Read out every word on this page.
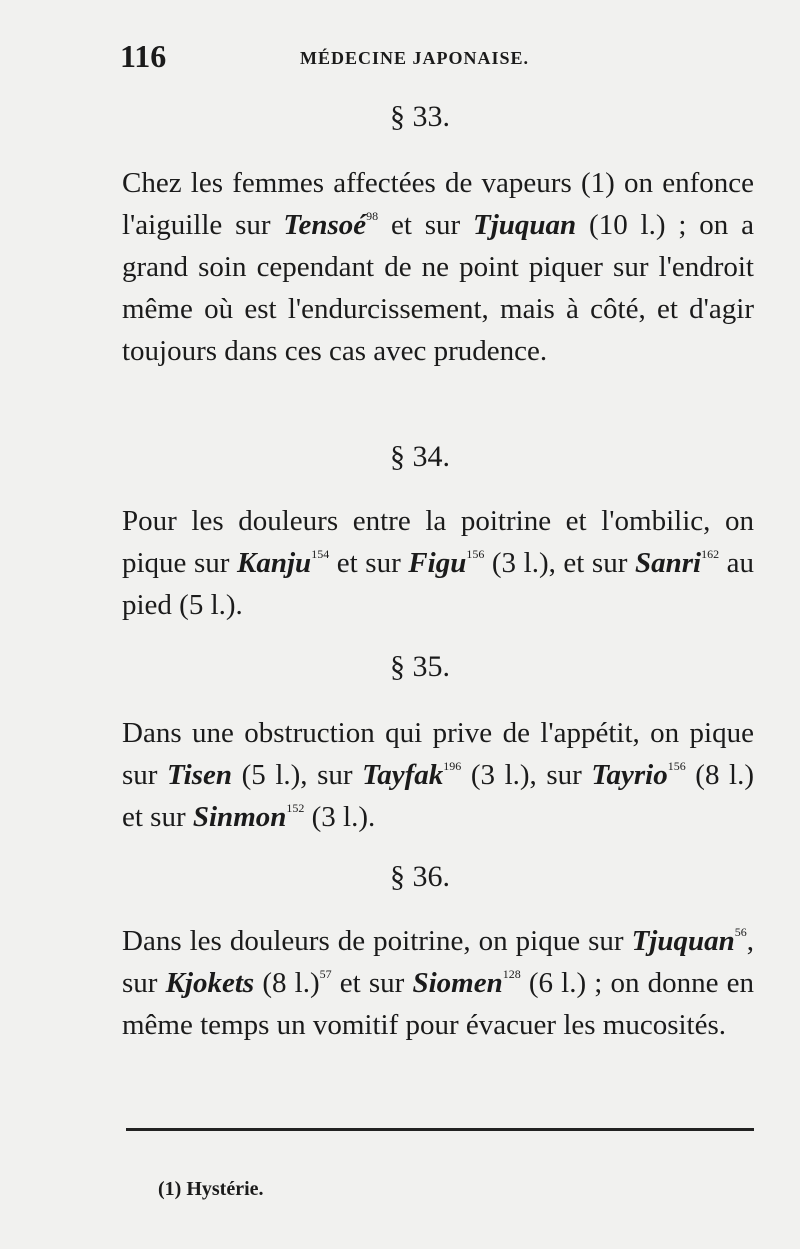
116	MÉDECINE JAPONAISE.
§ 33.
Chez les femmes affectées de vapeurs (1) on enfonce l'aiguille sur Tensoé$^{98}$ et sur Tjuquan (10 l.) ; on a grand soin cependant de ne point piquer sur l'endroit même où est l'endurcissement, mais à côté, et d'agir toujours dans ces cas avec prudence.
§ 34.
Pour les douleurs entre la poitrine et l'ombilic, on pique sur Kanju$^{154}$ et sur Figu$^{156}$ (3 l.), et sur Sanri$^{162}$ au pied (5 l.).
§ 35.
Dans une obstruction qui prive de l'appétit, on pique sur Tisen (5 l.), sur Tayfak$^{196}$ (3 l.), sur Tayrio$^{156}$ (8 l.) et sur Sinmon$^{152}$ (3 l.).
§ 36.
Dans les douleurs de poitrine, on pique sur Tjuquan$^{56}$, sur Kjokets (8 l.)$^{57}$ et sur Siomen$^{128}$ (6 l.) ; on donne en même temps un vomitif pour évacuer les mucosités.
(1) Hystérie.
